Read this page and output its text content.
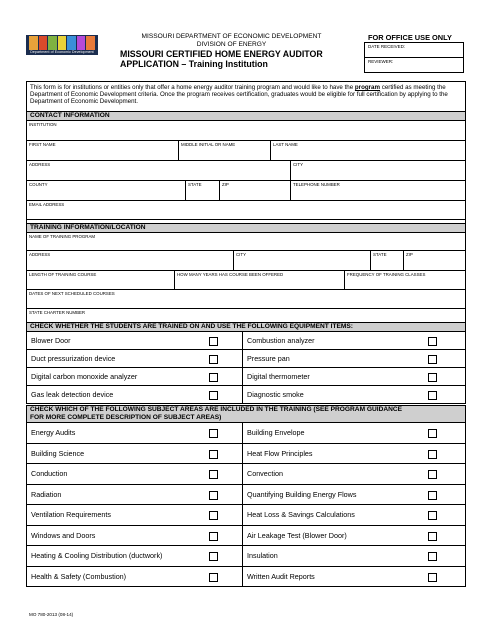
Department of Economic Development
MISSOURI DEPARTMENT OF ECONOMIC DEVELOPMENT
DIVISION OF ENERGY
MISSOURI CERTIFIED HOME ENERGY AUDITOR
APPLICATION – Training Institution
FOR OFFICE USE ONLY
DATE RECEIVED:
REVIEWER:
This form is for institutions or entities only that offer a home energy auditor training program and would like to have the program certified as meeting the Department of Economic Development criteria. Once the program receives certification, graduates would be eligible for full certification by applying to the Department of Economic Development.
CONTACT INFORMATION
INSTITUTION
FIRST NAME	MIDDLE INITIAL OR NAME	LAST NAME
ADDRESS	CITY
COUNTY	STATE	ZIP	TELEPHONE NUMBER
EMAIL ADDRESS
TRAINING INFORMATION/LOCATION
NAME OF TRAINING PROGRAM
ADDRESS	CITY	STATE	ZIP
LENGTH OF TRAINING COURSE	HOW MANY YEARS HAS COURSE BEEN OFFERED	FREQUENCY OF TRAINING CLASSES
DATES OF NEXT SCHEDULED COURSES
STATE CHARTER NUMBER
CHECK WHETHER THE STUDENTS ARE TRAINED ON AND USE THE FOLLOWING EQUIPMENT ITEMS:
Blower Door	Combustion analyzer
Duct pressurization device	Pressure pan
Digital carbon monoxide analyzer	Digital thermometer
Gas leak detection device	Diagnostic smoke
CHECK WHICH OF THE FOLLOWING SUBJECT AREAS ARE INCLUDED IN THE TRAINING (SEE PROGRAM GUIDANCE
FOR MORE COMPLETE DESCRIPTION OF SUBJECT AREAS)
Energy Audits	Building Envelope
Building Science	Heat Flow Principles
Conduction	Convection
Radiation	Quantifying Building Energy Flows
Ventilation Requirements	Heat Loss & Savings Calculations
Windows and Doors	Air Leakage Test (Blower Door)
Heating & Cooling Distribution (ductwork)	Insulation
Health & Safety (Combustion)	Written Audit Reports
MO 780-2013 (08-14)
